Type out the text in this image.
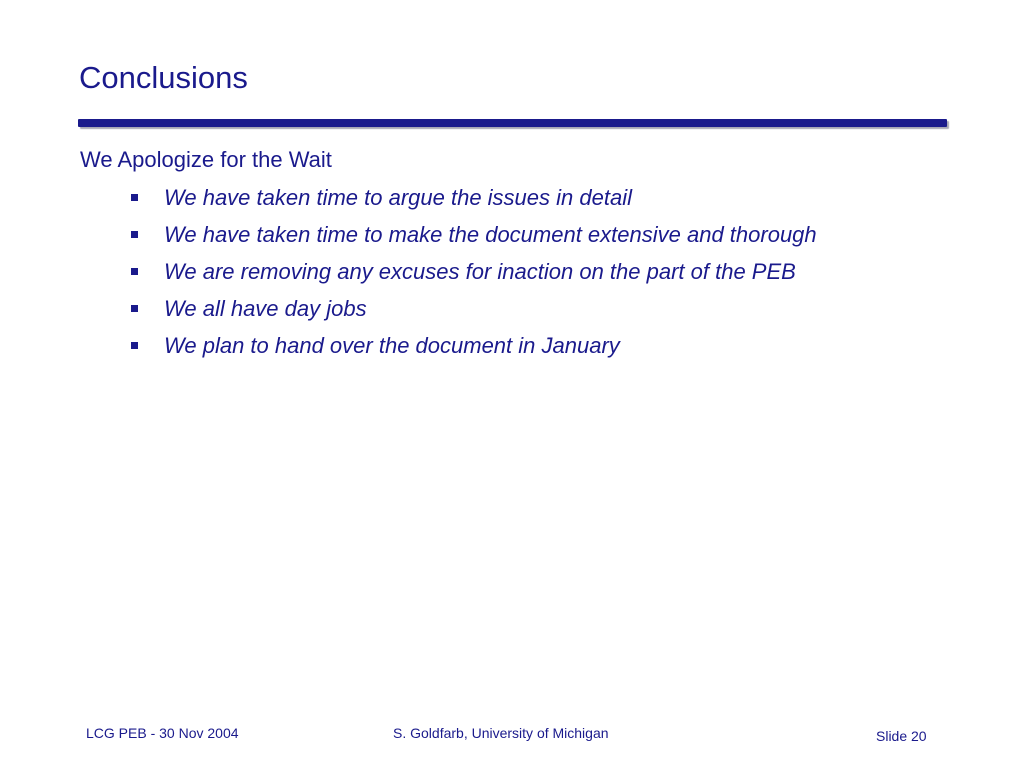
Conclusions
We Apologize for the Wait
We have taken time to argue the issues in detail
We have taken time to make the document extensive and thorough
We are removing any excuses for inaction on the part of the PEB
We all have day jobs
We plan to hand over the document in January
LCG PEB - 30 Nov 2004	S. Goldfarb, University of Michigan	Slide 20
